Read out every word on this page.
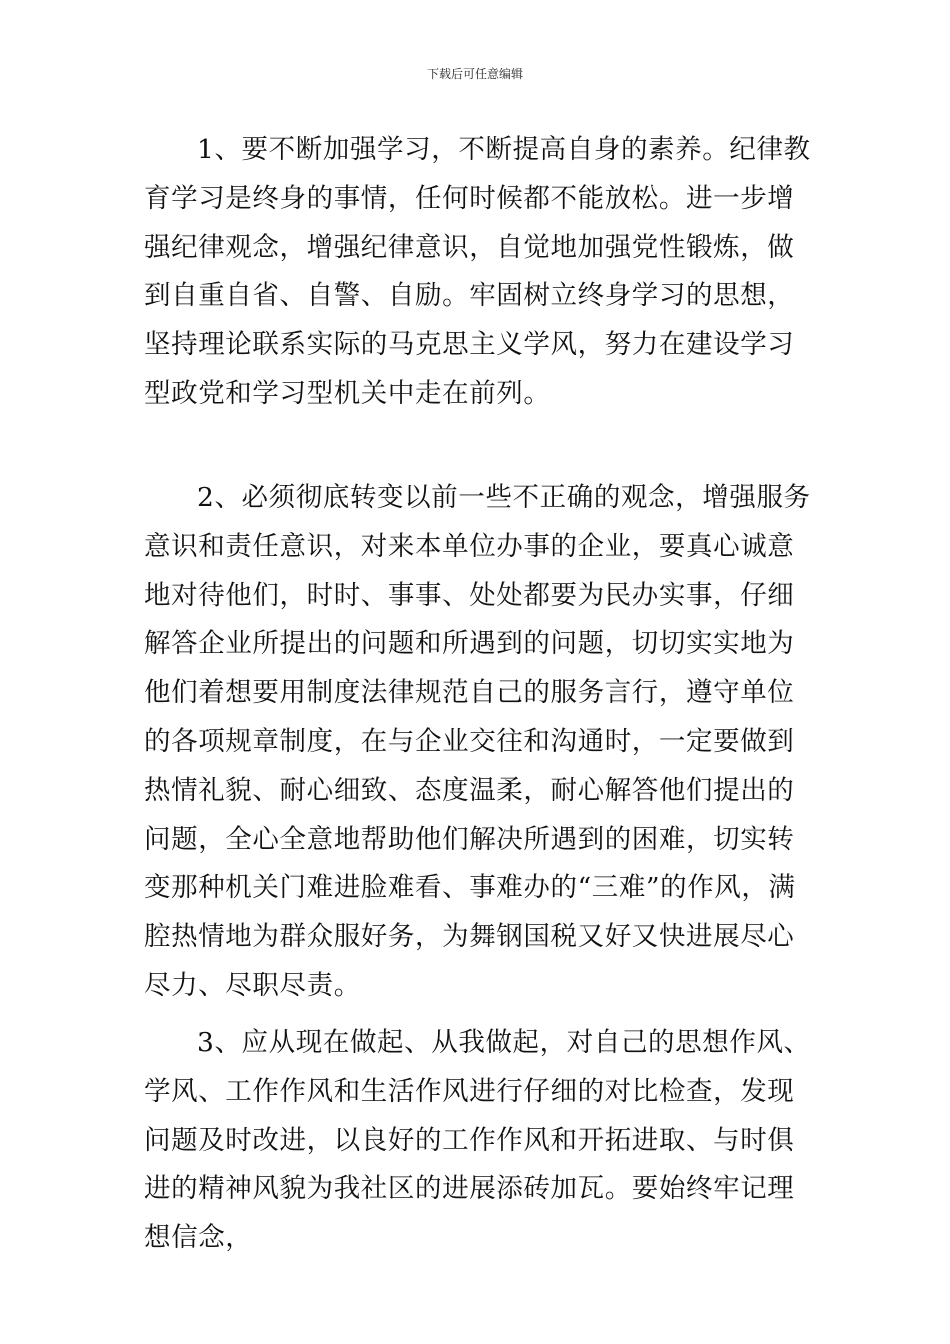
下载后可任意编辑

1、要不断加强学习，不断提高自身的素养。纪律教育学习是终身的事情，任何时候都不能放松。进一步增强纪律观念，增强纪律意识，自觉地加强党性锻炼，做到自重自省、自警、自励。牢固树立终身学习的思想，坚持理论联系实际的马克思主义学风，努力在建设学习型政党和学习型机关中走在前列。

2、必须彻底转变以前一些不正确的观念，增强服务意识和责任意识，对来本单位办事的企业，要真心诚意地对待他们，时时、事事、处处都要为民办实事，仔细解答企业所提出的问题和所遇到的问题，切切实实地为他们着想要用制度法律规范自己的服务言行，遵守单位的各项规章制度，在与企业交往和沟通时，一定要做到热情礼貌、耐心细致、态度温柔，耐心解答他们提出的问题，全心全意地帮助他们解决所遇到的困难，切实转变那种机关门难进脸难看、事难办的“三难”的作风，满腔热情地为群众服好务，为舞钢国税又好又快进展尽心尽力、尽职尽责。

3、应从现在做起、从我做起，对自己的思想作风、学风、工作作风和生活作风进行仔细的对比检查，发现问题及时改进，以良好的工作作风和开拓进取、与时俱进的精神风貌为我社区的进展添砖加瓦。要始终牢记理想信念，
